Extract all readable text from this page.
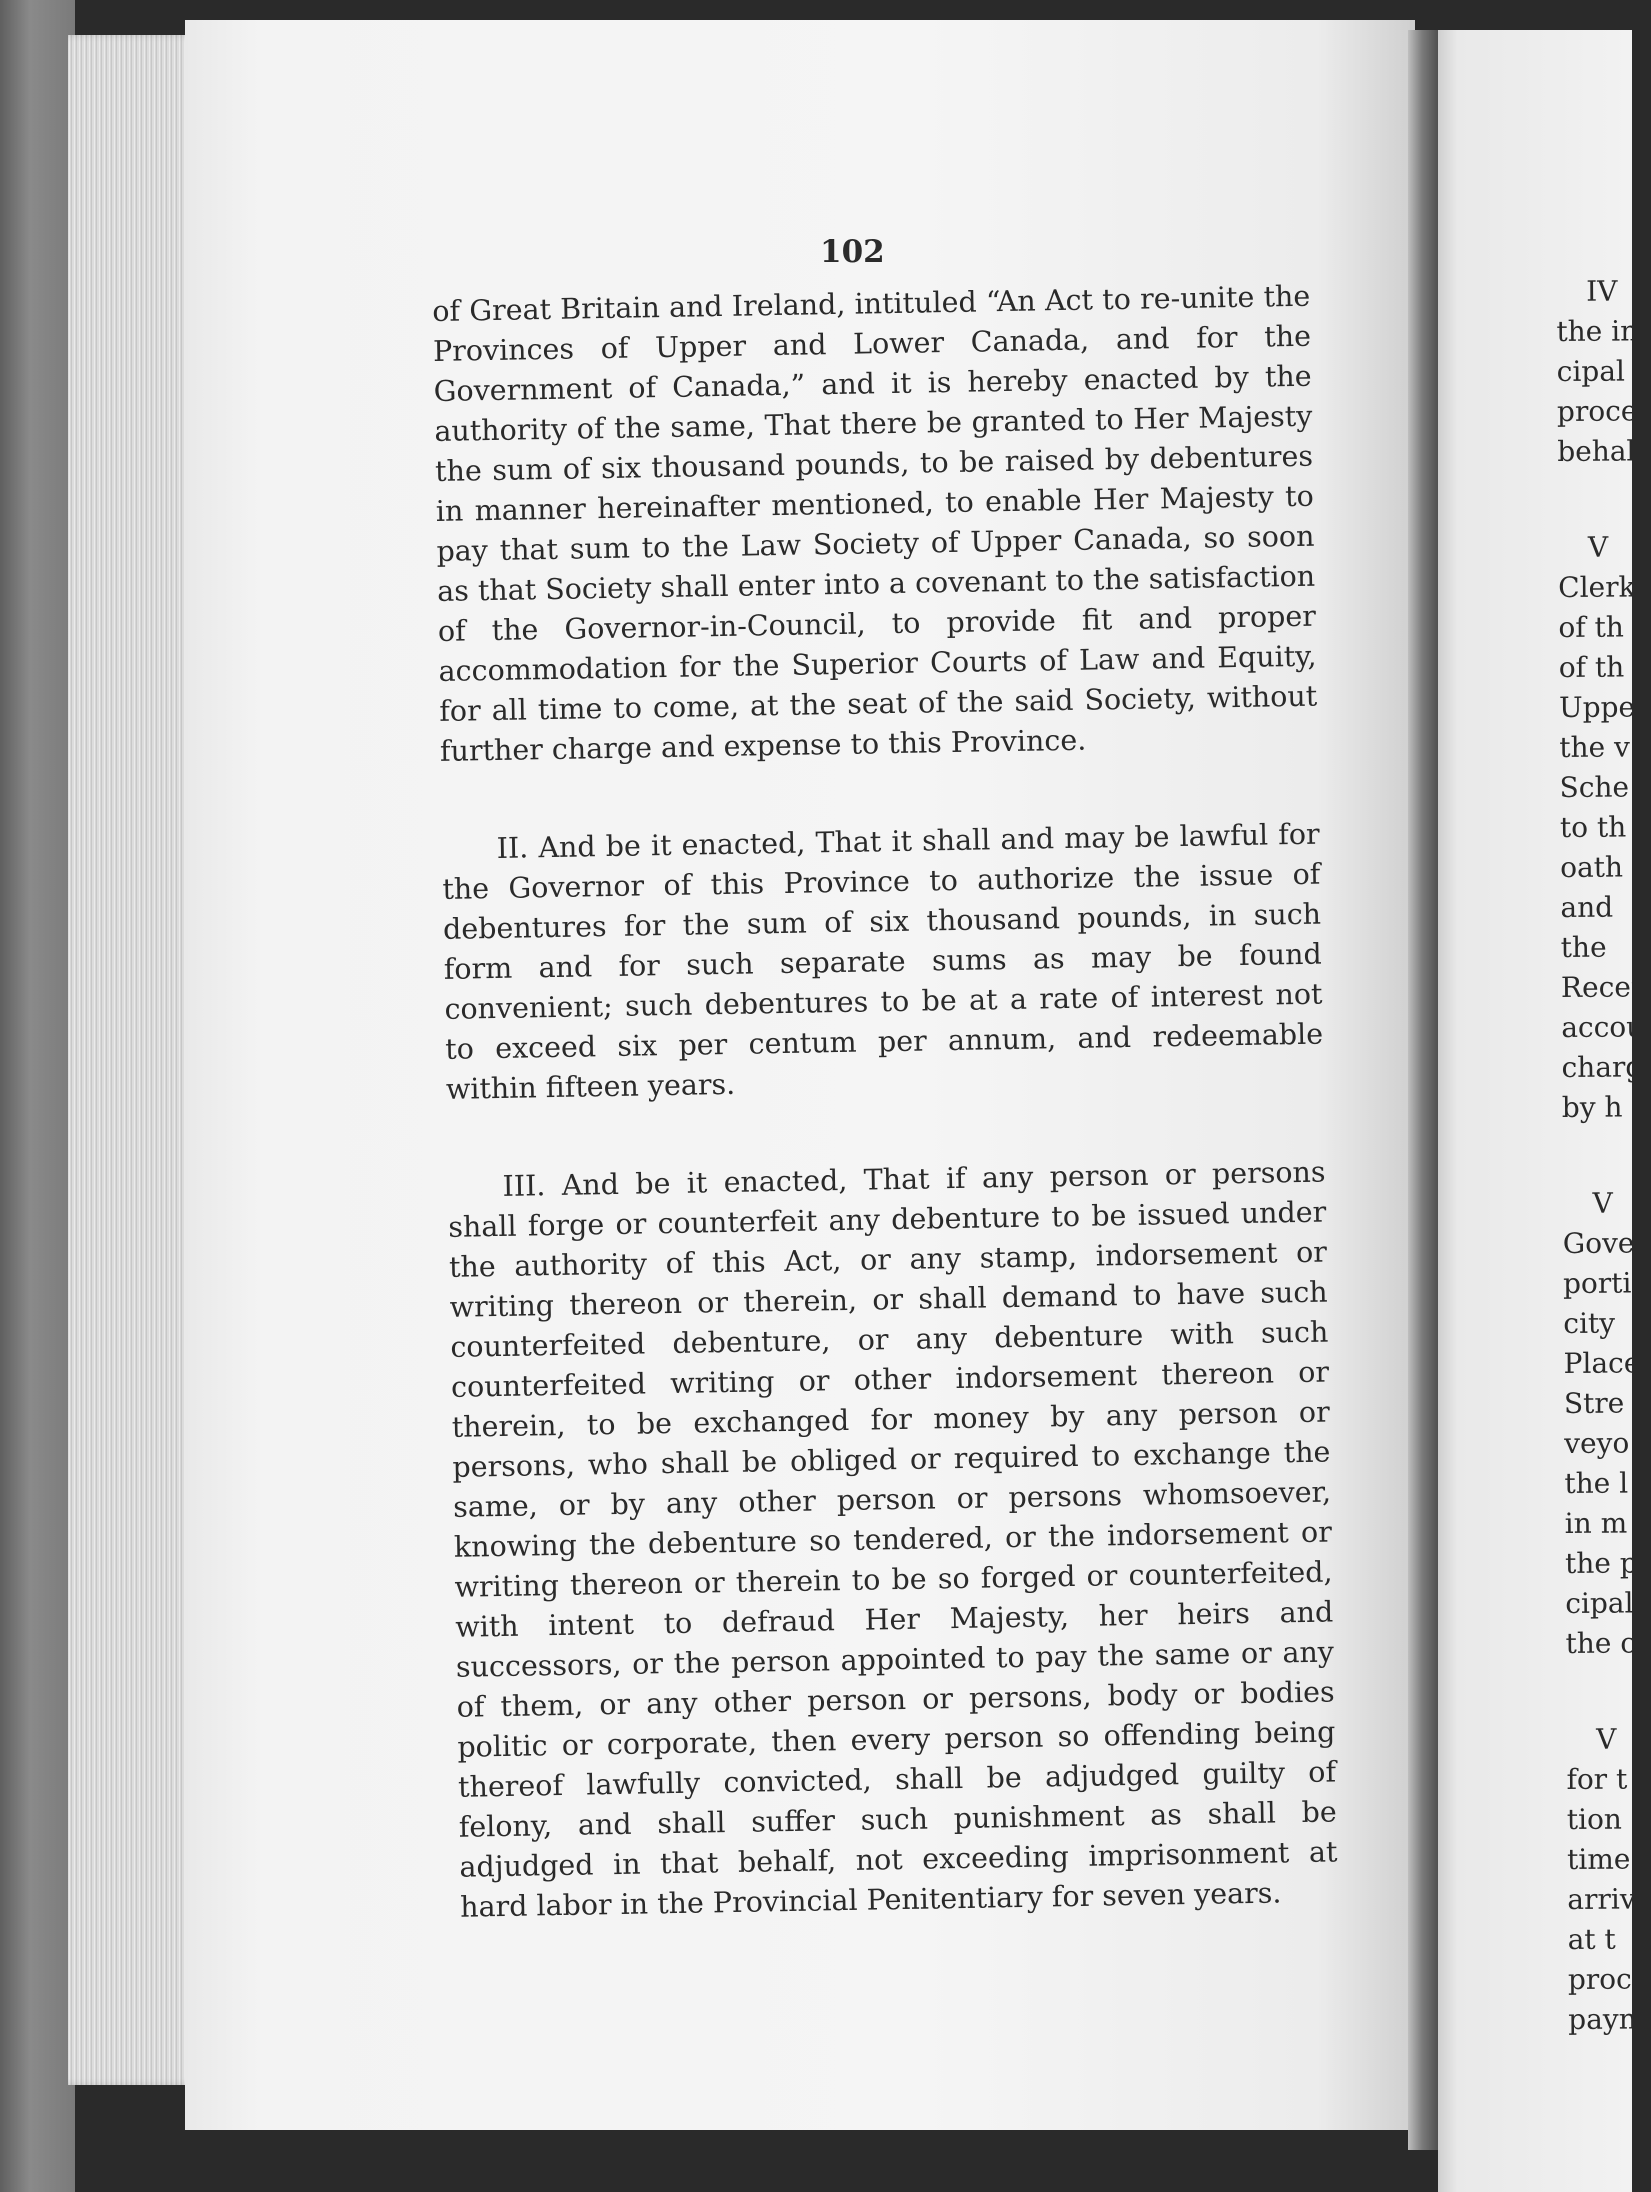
102

of Great Britain and Ireland, intituled “An Act to re-unite the Provinces of Upper and Lower Canada, and for the Government of Canada,” and it is hereby enacted by the authority of the same, That there be granted to Her Majesty the sum of six thousand pounds, to be raised by debentures in manner hereinafter mentioned, to enable Her Majesty to pay that sum to the Law Society of Upper Canada, so soon as that Society shall enter into a covenant to the satisfaction of the Governor-in-Council, to provide fit and proper accommodation for the Superior Courts of Law and Equity, for all time to come, at the seat of the said Society, without further charge and expense to this Province.

II. And be it enacted, That it shall and may be lawful for the Governor of this Province to authorize the issue of debentures for the sum of six thousand pounds, in such form and for such separate sums as may be found convenient; such debentures to be at a rate of interest not to exceed six per centum per annum, and redeemable within fifteen years.

III. And be it enacted, That if any person or persons shall forge or counterfeit any debenture to be issued under the authority of this Act, or any stamp, indorsement or writing thereon or therein, or shall demand to have such counterfeited debenture, or any debenture with such counterfeited writing or other indorsement thereon or therein, to be exchanged for money by any person or persons, who shall be obliged or required to exchange the same, or by any other person or persons whomsoever, knowing the debenture so tendered, or the indorsement or writing thereon or therein to be so forged or counterfeited, with intent to defraud Her Majesty, her heirs and successors, or the person appointed to pay the same or any of them, or any other person or persons, body or bodies politic or corporate, then every person so offending being thereof lawfully convicted, shall be adjudged guilty of felony, and shall suffer such punishment as shall be adjudged in that behalf, not exceeding imprisonment at hard labor in the Provincial Penitentiary for seven years.

IV
the in
cipal
proce
behal
V
Clerk
of th
of th
Uppe
the v
Sche
to th
oath
and
the
Recei
accou
charg
by h
V
Gove
porti
city
Place
Stre
veyo
the l
in m
the p
cipal
the c
V
for t
tion
time
arriv
at t
proc
payn
